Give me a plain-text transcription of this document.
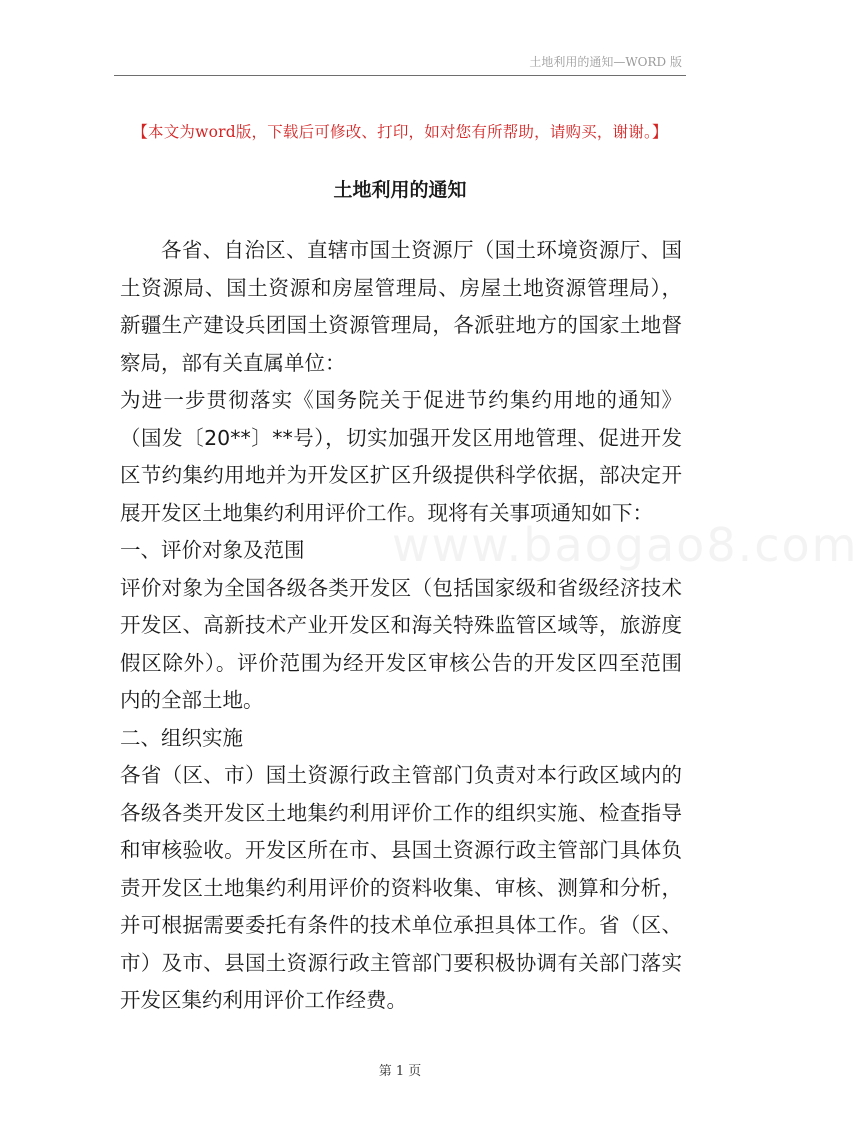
土地利用的通知—WORD 版
【本文为word版，下载后可修改、打印，如对您有所帮助，请购买，谢谢。】
土地利用的通知
www.baogao8.com

各省、自治区、直辖市国土资源厅（国土环境资源厅、国土资源局、国土资源和房屋管理局、房屋土地资源管理局），新疆生产建设兵团国土资源管理局，各派驻地方的国家土地督察局，部有关直属单位：

为进一步贯彻落实《国务院关于促进节约集约用地的通知》（国发〔20**〕**号），切实加强开发区用地管理、促进开发区节约集约用地并为开发区扩区升级提供科学依据，部决定开展开发区土地集约利用评价工作。现将有关事项通知如下：

一、评价对象及范围

评价对象为全国各级各类开发区（包括国家级和省级经济技术开发区、高新技术产业开发区和海关特殊监管区域等，旅游度假区除外）。评价范围为经开发区审核公告的开发区四至范围内的全部土地。

二、组织实施

各省（区、市）国土资源行政主管部门负责对本行政区域内的各级各类开发区土地集约利用评价工作的组织实施、检查指导和审核验收。开发区所在市、县国土资源行政主管部门具体负责开发区土地集约利用评价的资料收集、审核、测算和分析，并可根据需要委托有条件的技术单位承担具体工作。省（区、市）及市、县国土资源行政主管部门要积极协调有关部门落实开发区集约利用评价工作经费。

第 1 页
